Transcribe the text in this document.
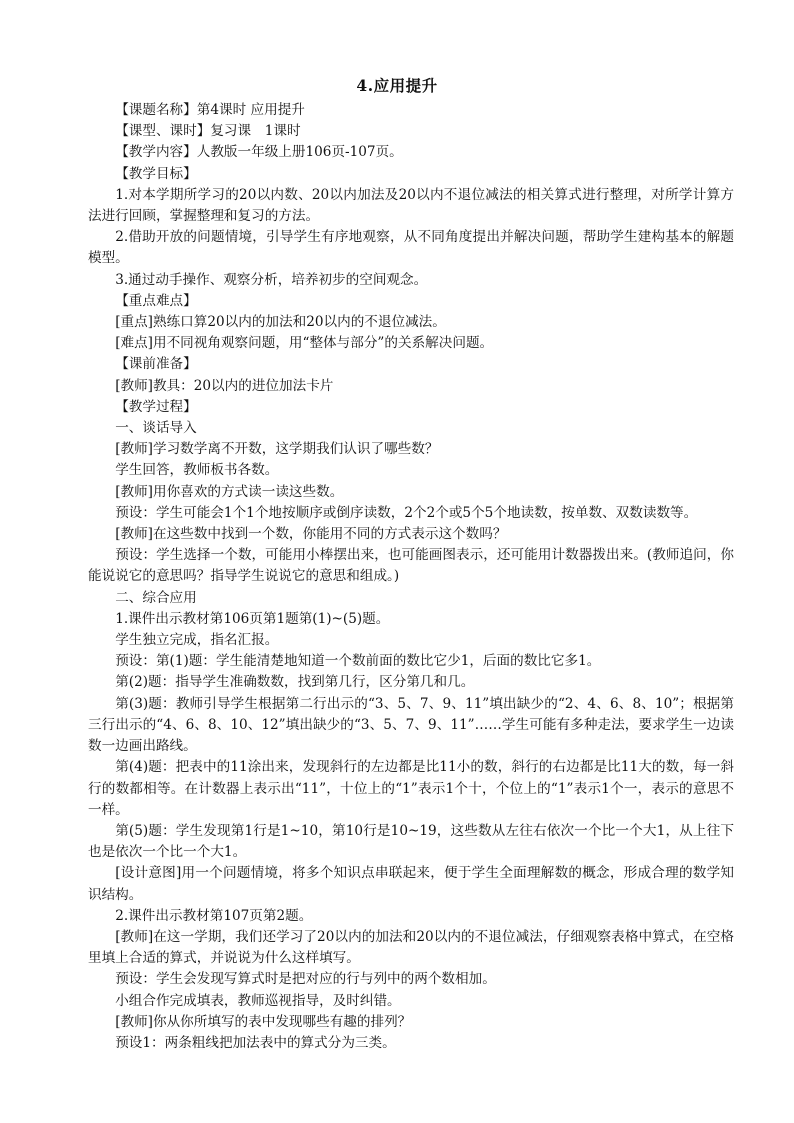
4.应用提升

【课题名称】第4课时 应用提升

【课型、课时】复习课　1课时

【教学内容】人教版一年级上册106页-107页。

【教学目标】

1.对本学期所学习的20以内数、20以内加法及20以内不退位减法的相关算式进行整理，对所学计算方法进行回顾，掌握整理和复习的方法。

2.借助开放的问题情境，引导学生有序地观察，从不同角度提出并解决问题，帮助学生建构基本的解题模型。

3.通过动手操作、观察分析，培养初步的空间观念。

【重点难点】

[重点]熟练口算20以内的加法和20以内的不退位减法。

[难点]用不同视角观察问题，用“整体与部分”的关系解决问题。

【课前准备】

[教师]教具：20以内的进位加法卡片

【教学过程】

一、谈话导入

[教师]学习数学离不开数，这学期我们认识了哪些数？

学生回答，教师板书各数。

[教师]用你喜欢的方式读一读这些数。

预设：学生可能会1个1个地按顺序或倒序读数，2个2个或5个5个地读数，按单数、双数读数等。

[教师]在这些数中找到一个数，你能用不同的方式表示这个数吗？

预设：学生选择一个数，可能用小棒摆出来，也可能画图表示，还可能用计数器拨出来。(教师追问，你能说说它的意思吗？指导学生说说它的意思和组成。)

二、综合应用

1.课件出示教材第106页第1题第(1)~(5)题。

学生独立完成，指名汇报。

预设：第(1)题：学生能清楚地知道一个数前面的数比它少1，后面的数比它多1。

第(2)题：指导学生准确数数，找到第几行，区分第几和几。

第(3)题：教师引导学生根据第二行出示的“3、5、7、9、11”填出缺少的“2、4、6、8、10”；根据第三行出示的“4、6、8、10、12”填出缺少的“3、5、7、9、11”……学生可能有多种走法，要求学生一边读数一边画出路线。

第(4)题：把表中的11涂出来，发现斜行的左边都是比11小的数，斜行的右边都是比11大的数，每一斜行的数都相等。在计数器上表示出“11”，十位上的“1”表示1个十，个位上的“1”表示1个一，表示的意思不一样。

第(5)题：学生发现第1行是1~10，第10行是10~19，这些数从左往右依次一个比一个大1，从上往下也是依次一个比一个大1。

[设计意图]用一个问题情境，将多个知识点串联起来，便于学生全面理解数的概念，形成合理的数学知识结构。

2.课件出示教材第107页第2题。

[教师]在这一学期，我们还学习了20以内的加法和20以内的不退位减法，仔细观察表格中算式，在空格里填上合适的算式，并说说为什么这样填写。

预设：学生会发现写算式时是把对应的行与列中的两个数相加。

小组合作完成填表，教师巡视指导，及时纠错。

[教师]你从你所填写的表中发现哪些有趣的排列？

预设1：两条粗线把加法表中的算式分为三类。
